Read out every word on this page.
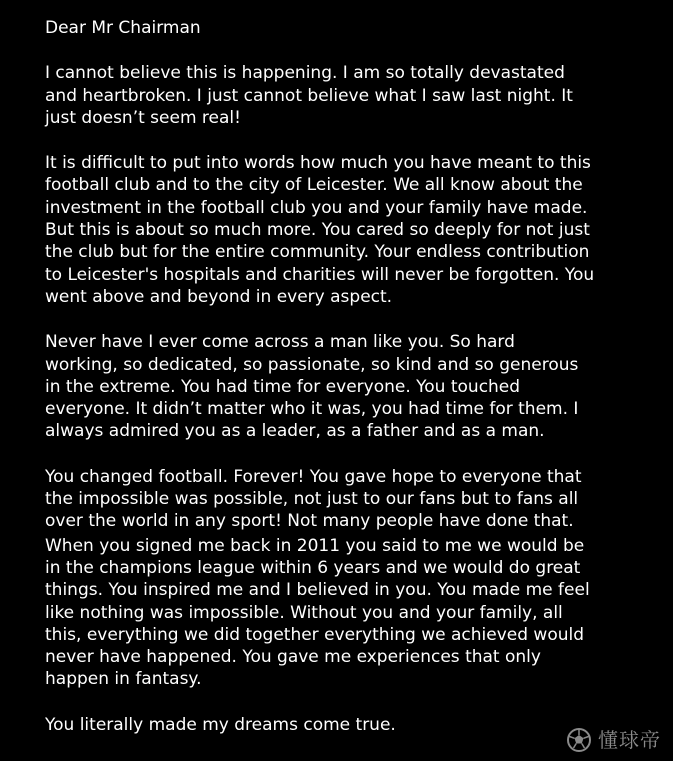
Dear Mr Chairman

I cannot believe this is happening. I am so totally devastated
and heartbroken. I just cannot believe what I saw last night. It
just doesn’t seem real!

It is difficult to put into words how much you have meant to this
football club and to the city of Leicester. We all know about the
investment in the football club you and your family have made.
But this is about so much more. You cared so deeply for not just
the club but for the entire community. Your endless contribution
to Leicester's hospitals and charities will never be forgotten. You
went above and beyond in every aspect.

Never have I ever come across a man like you. So hard
working, so dedicated, so passionate, so kind and so generous
in the extreme. You had time for everyone. You touched
everyone. It didn’t matter who it was, you had time for them. I
always admired you as a leader, as a father and as a man.

You changed football. Forever! You gave hope to everyone that
the impossible was possible, not just to our fans but to fans all
over the world in any sport! Not many people have done that.

When you signed me back in 2011 you said to me we would be
in the champions league within 6 years and we would do great
things. You inspired me and I believed in you. You made me feel
like nothing was impossible. Without you and your family, all
this, everything we did together everything we achieved would
never have happened. You gave me experiences that only
happen in fantasy.

You literally made my dreams come true.

懂球帝
